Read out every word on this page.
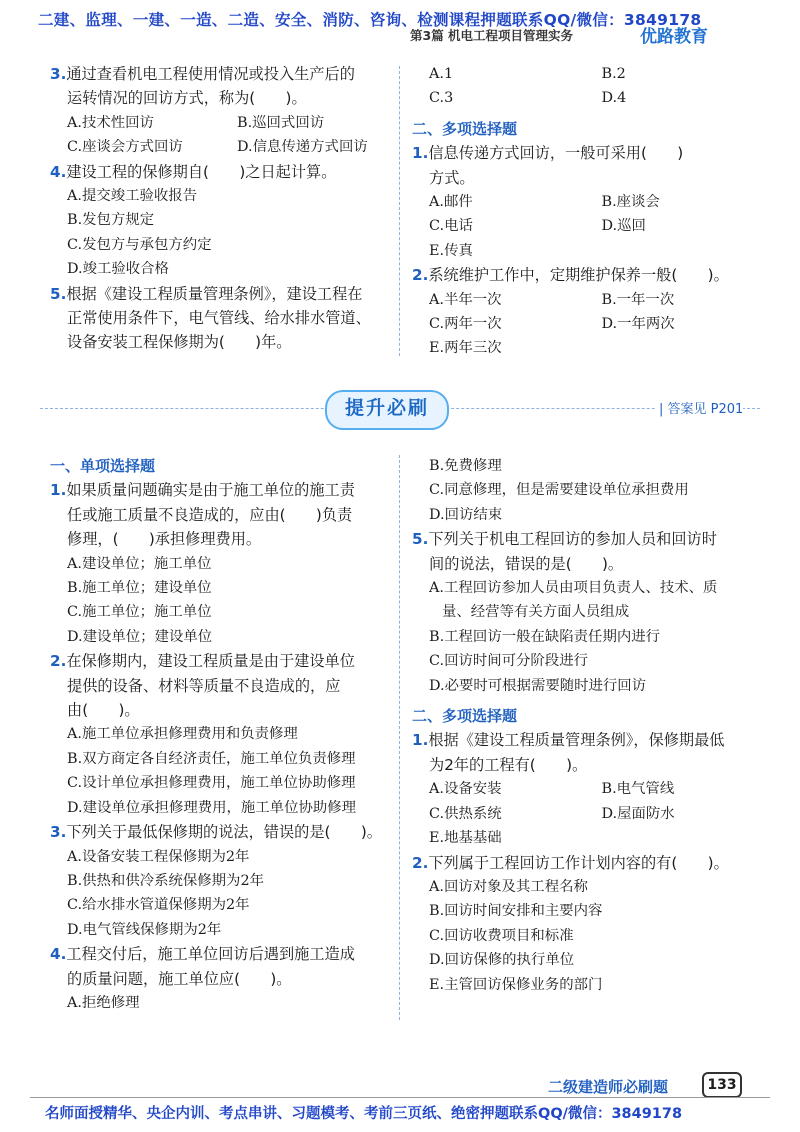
二建、监理、一建、一造、二造、安全、消防、咨询、检测课程押题联系QQ/微信：3849178
第3篇 机电工程项目管理实务	优路教育
3.通过查看机电工程使用情况或投入生产后的
运转情况的回访方式，称为(　　)。
A.技术性回访	B.巡回式回访
C.座谈会方式回访	D.信息传递方式回访
4.建设工程的保修期自(　　)之日起计算。
A.提交竣工验收报告
B.发包方规定
C.发包方与承包方约定
D.竣工验收合格
5.根据《建设工程质量管理条例》，建设工程在
正常使用条件下，电气管线、给水排水管道、
设备安装工程保修期为(　　)年。
A.1	B.2
C.3	D.4
二、多项选择题
1.信息传递方式回访，一般可采用(　　)
方式。
A.邮件	B.座谈会
C.电话	D.巡回
E.传真
2.系统维护工作中，定期维护保养一般(　　)。
A.半年一次	B.一年一次
C.两年一次	D.一年两次
E.两年三次
提升必刷	| 答案见 P201
一、单项选择题
1.如果质量问题确实是由于施工单位的施工责
任或施工质量不良造成的，应由(　　)负责
修理，(　　)承担修理费用。
A.建设单位；施工单位
B.施工单位；建设单位
C.施工单位；施工单位
D.建设单位；建设单位
2.在保修期内，建设工程质量是由于建设单位
提供的设备、材料等质量不良造成的，应
由(　　)。
A.施工单位承担修理费用和负责修理
B.双方商定各自经济责任，施工单位负责修理
C.设计单位承担修理费用，施工单位协助修理
D.建设单位承担修理费用，施工单位协助修理
3.下列关于最低保修期的说法，错误的是(　　)。
A.设备安装工程保修期为2年
B.供热和供冷系统保修期为2年
C.给水排水管道保修期为2年
D.电气管线保修期为2年
4.工程交付后，施工单位回访后遇到施工造成
的质量问题，施工单位应(　　)。
A.拒绝修理
B.免费修理
C.同意修理，但是需要建设单位承担费用
D.回访结束
5.下列关于机电工程回访的参加人员和回访时
间的说法，错误的是(　　)。
A.工程回访参加人员由项目负责人、技术、质
量、经营等有关方面人员组成
B.工程回访一般在缺陷责任期内进行
C.回访时间可分阶段进行
D.必要时可根据需要随时进行回访
二、多项选择题
1.根据《建设工程质量管理条例》，保修期最低
为2年的工程有(　　)。
A.设备安装	B.电气管线
C.供热系统	D.屋面防水
E.地基基础
2.下列属于工程回访工作计划内容的有(　　)。
A.回访对象及其工程名称
B.回访时间安排和主要内容
C.回访收费项目和标准
D.回访保修的执行单位
E.主管回访保修业务的部门
二级建造师必刷题	133
名师面授精华、央企内训、考点串讲、习题模考、考前三页纸、绝密押题联系QQ/微信：3849178
